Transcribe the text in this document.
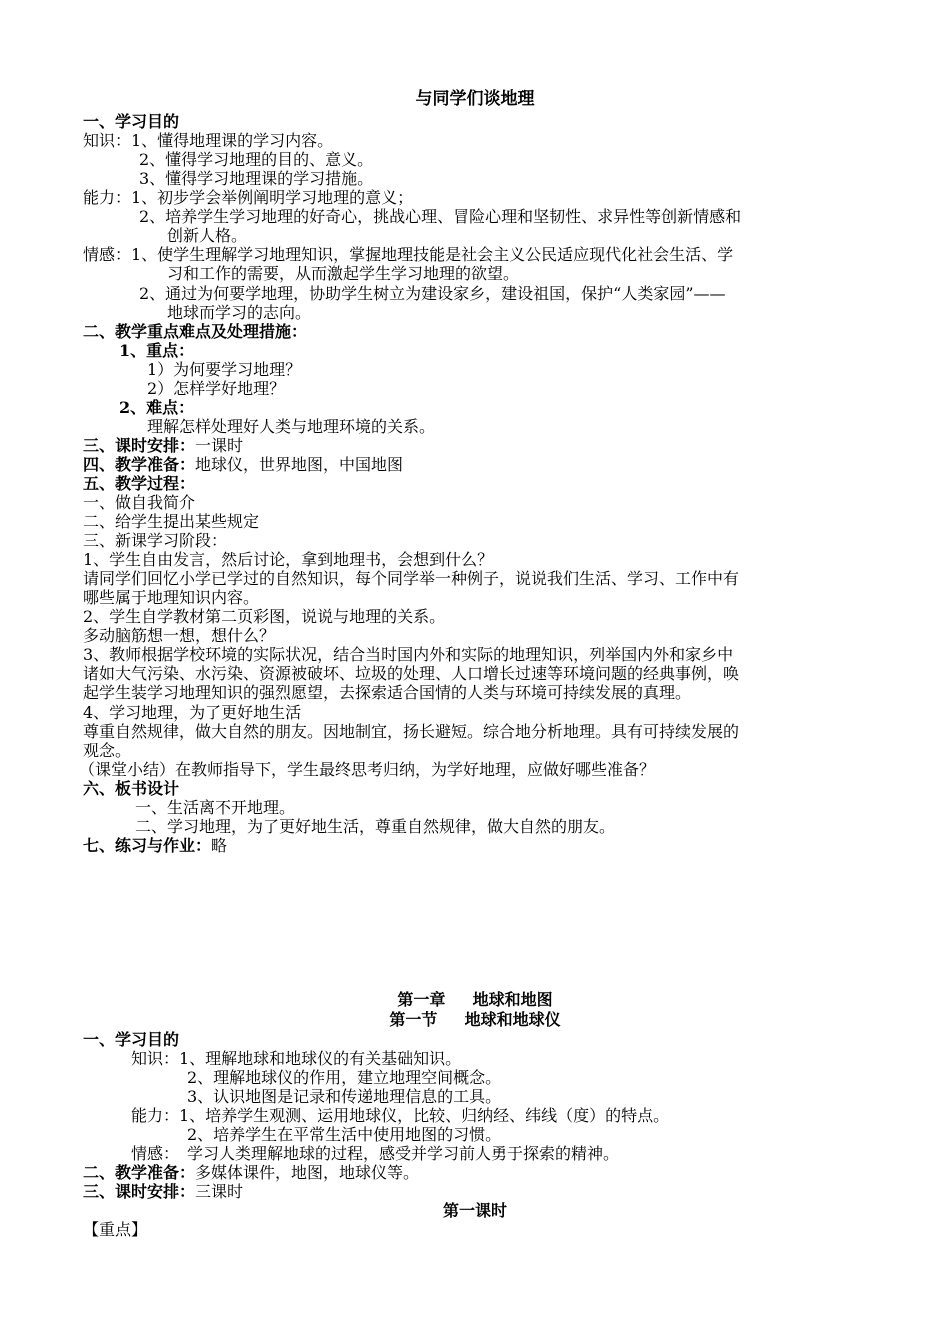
与同学们谈地理
一、学习目的
知识：1、懂得地理课的学习内容。
2、懂得学习地理的目的、意义。
3、懂得学习地理课的学习措施。
能力：1、初步学会举例阐明学习地理的意义；
2、培养学生学习地理的好奇心，挑战心理、冒险心理和坚韧性、求异性等创新情感和
创新人格。
情感：1、使学生理解学习地理知识，掌握地理技能是社会主义公民适应现代化社会生活、学
习和工作的需要，从而激起学生学习地理的欲望。
2、通过为何要学地理，协助学生树立为建设家乡，建设祖国，保护“人类家园”——
地球而学习的志向。
二、教学重点难点及处理措施：
1、重点：
1）为何要学习地理？
2）怎样学好地理？
2、难点：
理解怎样处理好人类与地理环境的关系。
三、课时安排：一课时
四、教学准备：地球仪，世界地图，中国地图
五、教学过程：
一、做自我简介
二、给学生提出某些规定
三、新课学习阶段：
1、学生自由发言，然后讨论，拿到地理书，会想到什么？
请同学们回忆小学已学过的自然知识，每个同学举一种例子，说说我们生活、学习、工作中有
哪些属于地理知识内容。
2、学生自学教材第二页彩图，说说与地理的关系。
多动脑筋想一想，想什么？
3、教师根据学校环境的实际状况，结合当时国内外和实际的地理知识，列举国内外和家乡中
诸如大气污染、水污染、资源被破坏、垃圾的处理、人口增长过速等环境问题的经典事例，唤
起学生装学习地理知识的强烈愿望，去探索适合国情的人类与环境可持续发展的真理。
4、学习地理，为了更好地生活
尊重自然规律，做大自然的朋友。因地制宜，扬长避短。综合地分析地理。具有可持续发展的
观念。
（课堂小结）在教师指导下，学生最终思考归纳，为学好地理，应做好哪些准备？
六、板书设计
一、生活离不开地理。
二、学习地理，为了更好地生活，尊重自然规律，做大自然的朋友。
七、练习与作业：略
第一章　  地球和地图
第一节　  地球和地球仪
一、学习目的
知识：1、理解地球和地球仪的有关基础知识。
2、理解地球仪的作用，建立地理空间概念。
3、认识地图是记录和传递地理信息的工具。
能力：1、培养学生观测、运用地球仪，比较、归纳经、纬线（度）的特点。
2、培养学生在平常生活中使用地图的习惯。
情感：　学习人类理解地球的过程，感受并学习前人勇于探索的精神。
二、教学准备：多媒体课件，地图，地球仪等。
三、课时安排：三课时
第一课时
【重点】
